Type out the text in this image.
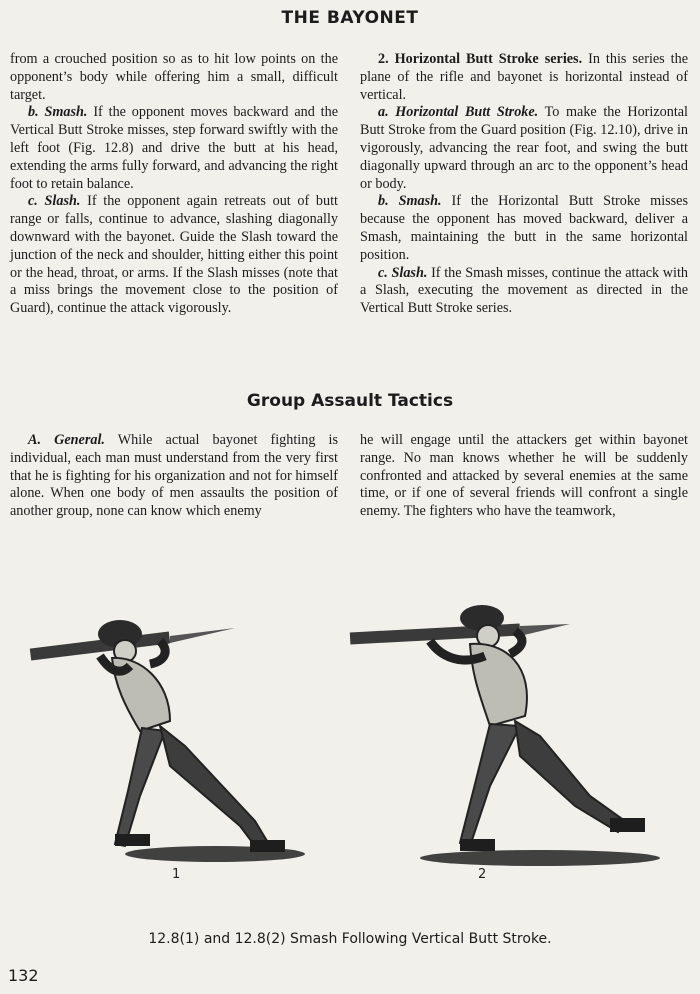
THE BAYONET

from a crouched position so as to hit low points on the opponent’s body while offering him a small, difficult target.

b. Smash. If the opponent moves backward and the Vertical Butt Stroke misses, step forward swiftly with the left foot (Fig. 12.8) and drive the butt at his head, extending the arms fully forward, and advancing the right foot to retain balance.

c. Slash. If the opponent again retreats out of butt range or falls, continue to advance, slashing diagonally downward with the bayonet. Guide the Slash toward the junction of the neck and shoulder, hitting either this point or the head, throat, or arms. If the Slash misses (note that a miss brings the movement close to the position of Guard), continue the attack vigorously.

2. Horizontal Butt Stroke series. In this series the plane of the rifle and bayonet is horizontal instead of vertical.

a. Horizontal Butt Stroke. To make the Horizontal Butt Stroke from the Guard position (Fig. 12.10), drive in vigorously, advancing the rear foot, and swing the butt diagonally upward through an arc to the opponent’s head or body.

b. Smash. If the Horizontal Butt Stroke misses because the opponent has moved backward, deliver a Smash, maintaining the butt in the same horizontal position.

c. Slash. If the Smash misses, continue the attack with a Slash, executing the movement as directed in the Vertical Butt Stroke series.

Group Assault Tactics

A. General. While actual bayonet fighting is individual, each man must understand from the very first that he is fighting for his organization and not for himself alone. When one body of men assaults the position of another group, none can know which enemy

he will engage until the attackers get within bayonet range. No man knows whether he will be suddenly confronted and attacked by several enemies at the same time, or if one of several friends will confront a single enemy. The fighters who have the teamwork,

1	2
12.8(1) and 12.8(2) Smash Following Vertical Butt Stroke.
132
